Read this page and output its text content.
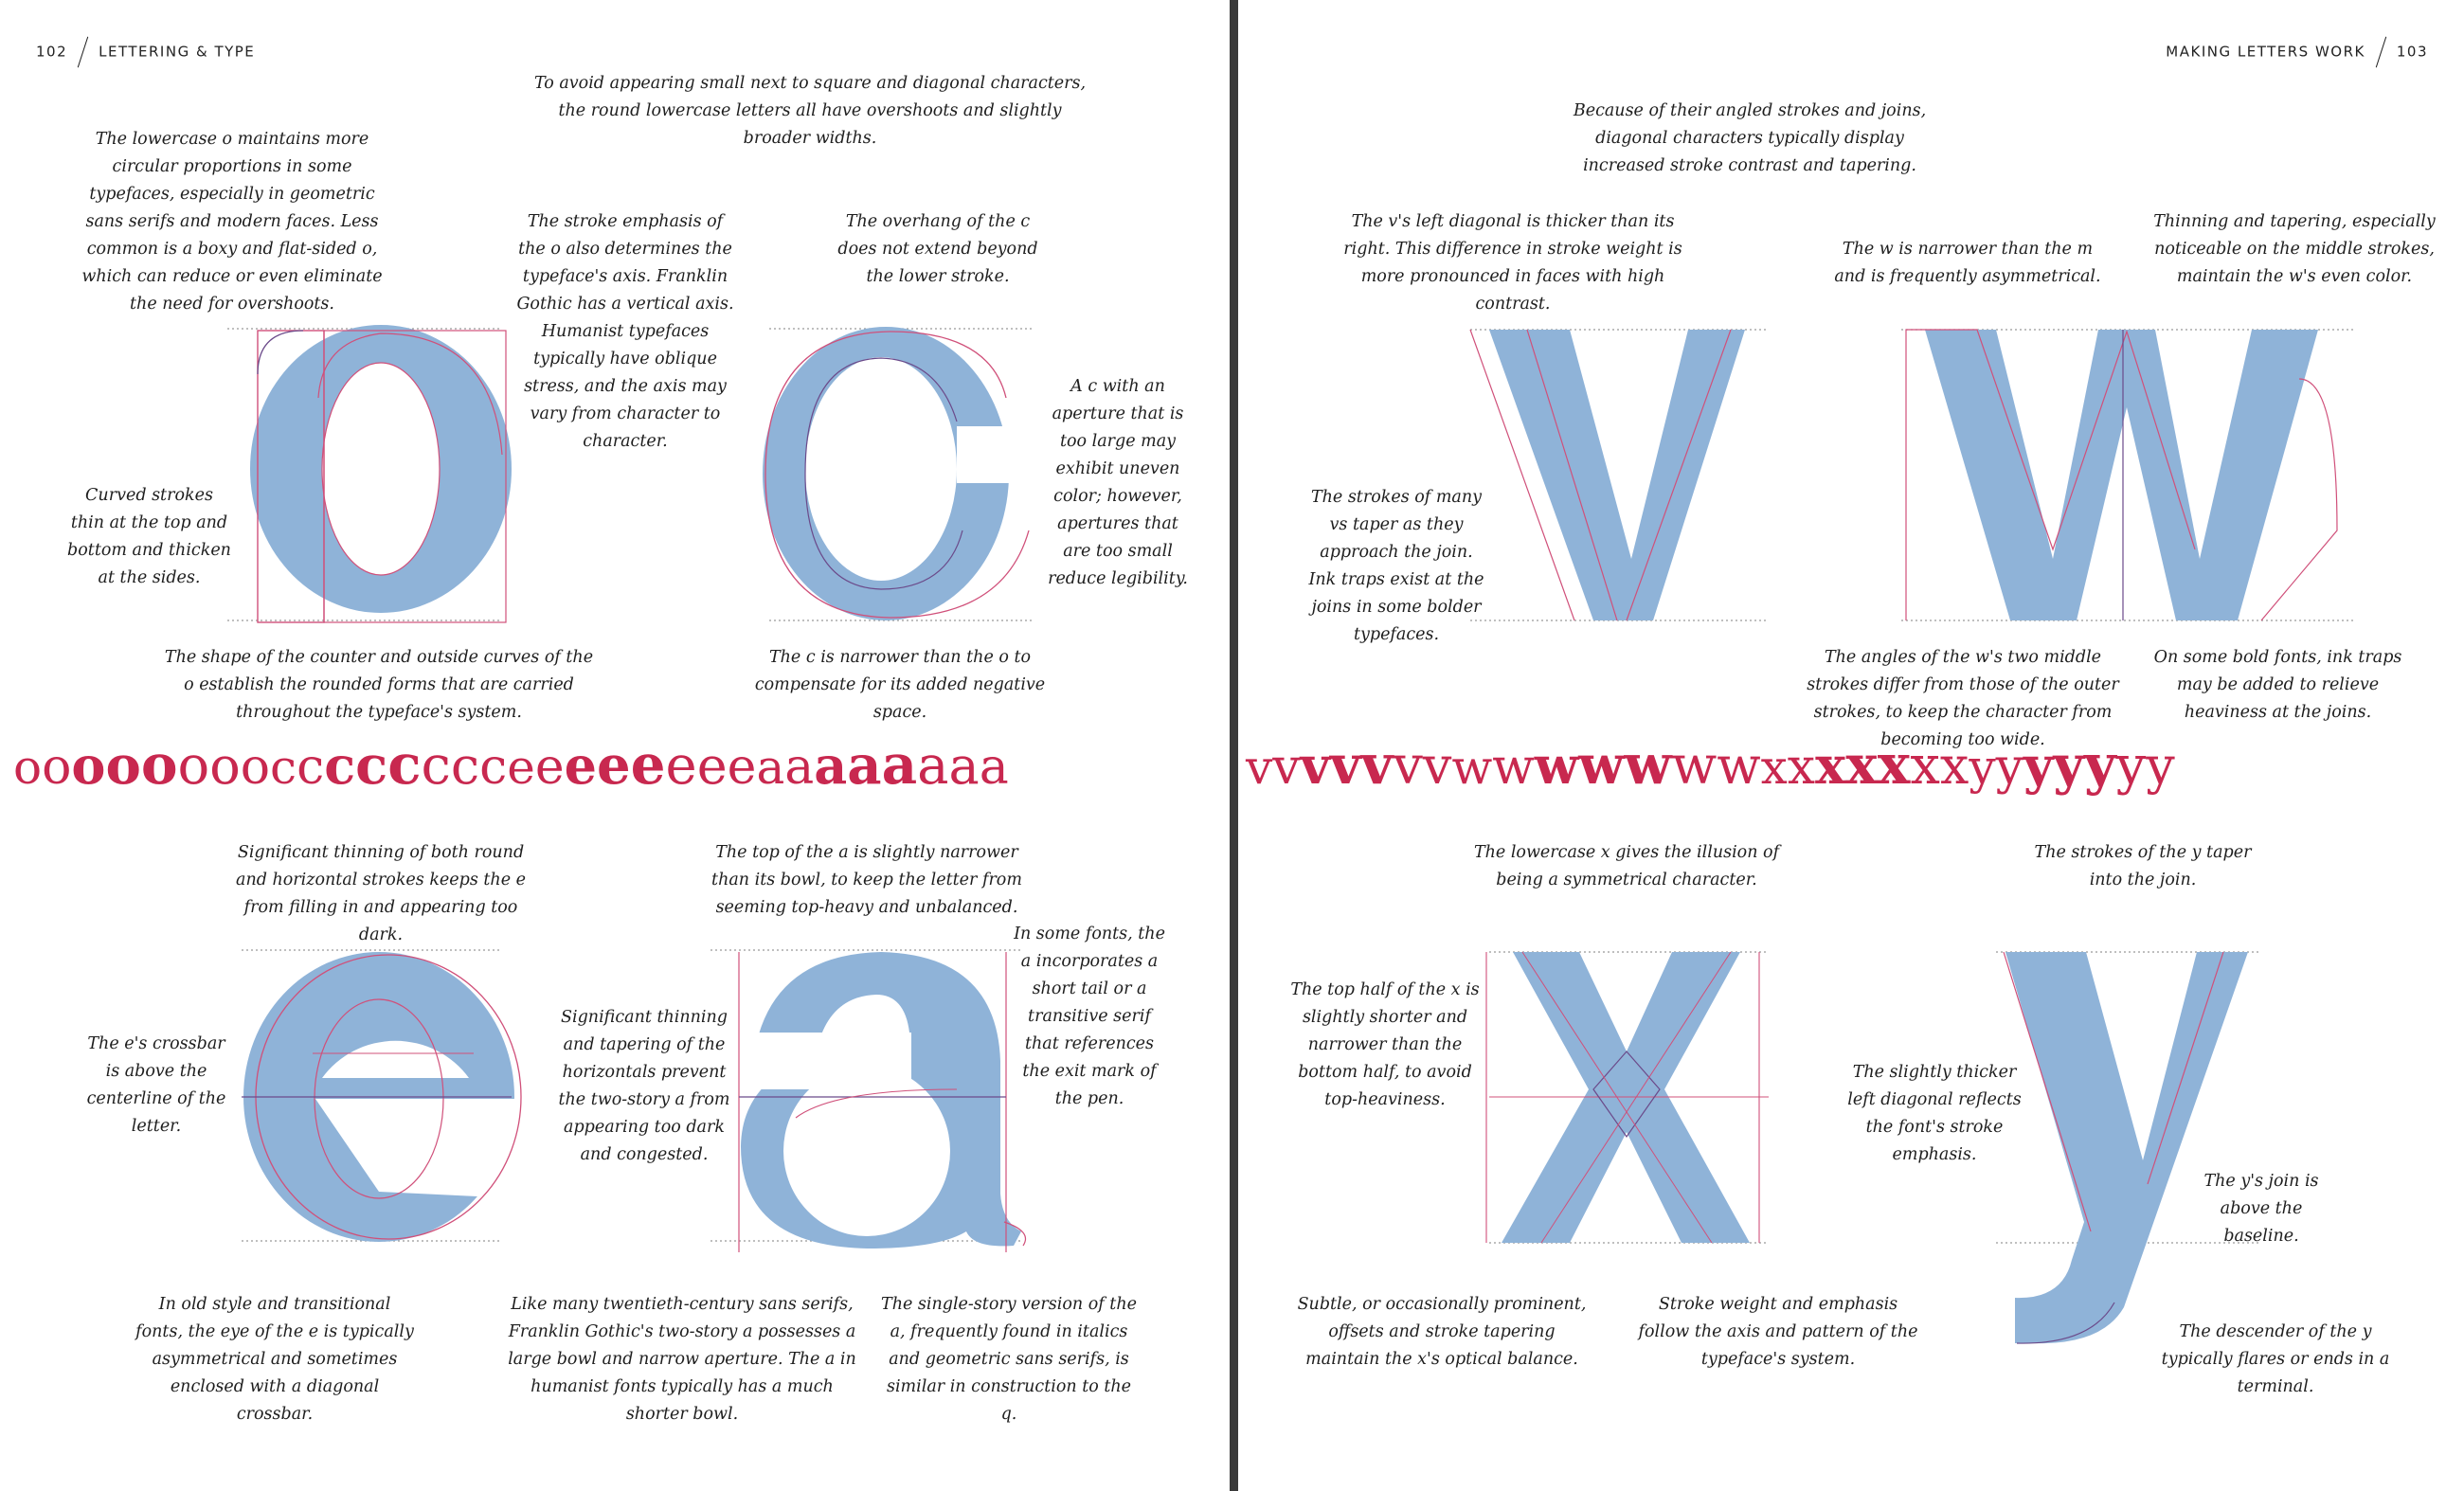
102 LETTERING & TYPE
To avoid appearing small next to square and diagonal characters, the round lowercase letters all have overshoots and slightly broader widths.
The lowercase o maintains more circular proportions in some typefaces, especially in geometric sans serifs and modern faces. Less common is a boxy and flat-sided o, which can reduce or even eliminate the need for overshoots.
The stroke emphasis of the o also determines the typeface's axis. Franklin Gothic has a vertical axis. Humanist typefaces typically have oblique stress, and the axis may vary from character to character.
The overhang of the c does not extend beyond the lower stroke.
A c with an aperture that is too large may exhibit uneven color; however, apertures that are too small reduce legibility.
Curved strokes thin at the top and bottom and thicken at the sides.
The shape of the counter and outside curves of the o establish the rounded forms that are carried throughout the typeface's system.
The c is narrower than the o to compensate for its added negative space.
Significant thinning of both round and horizontal strokes keeps the e from filling in and appearing too dark.
The top of the a is slightly narrower than its bowl, to keep the letter from seeming top-heavy and unbalanced.
In some fonts, the a incorporates a short tail or a transitive serif that references the exit mark of the pen.
The e's crossbar is above the centerline of the letter.
Significant thinning and tapering of the horizontals prevent the two-story a from appearing too dark and congested.
In old style and transitional fonts, the eye of the e is typically asymmetrical and sometimes enclosed with a diagonal crossbar.
Like many twentieth-century sans serifs, Franklin Gothic's two-story a possesses a large bowl and narrow aperture. The a in humanist fonts typically has a much shorter bowl.
The single-story version of the a, frequently found in italics and geometric sans serifs, is similar in construction to the q.
oooooooocccccccceeeeeeeeaaaaaaaa
MAKING LETTERS WORK 103
Because of their angled strokes and joins, diagonal characters typically display increased stroke contrast and tapering.
The v's left diagonal is thicker than its right. This difference in stroke weight is more pronounced in faces with high contrast.
The w is narrower than the m and is frequently asymmetrical.
Thinning and tapering, especially noticeable on the middle strokes, maintain the w's even color.
The strokes of many vs taper as they approach the join. Ink traps exist at the joins in some bolder typefaces.
The angles of the w's two middle strokes differ from those of the outer strokes, to keep the character from becoming too wide.
On some bold fonts, ink traps may be added to relieve heaviness at the joins.
The lowercase x gives the illusion of being a symmetrical character.
The strokes of the y taper into the join.
The top half of the x is slightly shorter and narrower than the bottom half, to avoid top-heaviness.
The slightly thicker left diagonal reflects the font's stroke emphasis.
The y's join is above the baseline.
Subtle, or occasionally prominent, offsets and stroke tapering maintain the x's optical balance.
Stroke weight and emphasis follow the axis and pattern of the typeface's system.
The descender of the y typically flares or ends in a terminal.
vvvvvvvwwwwwwwxxxxxxxyyyyyyy
